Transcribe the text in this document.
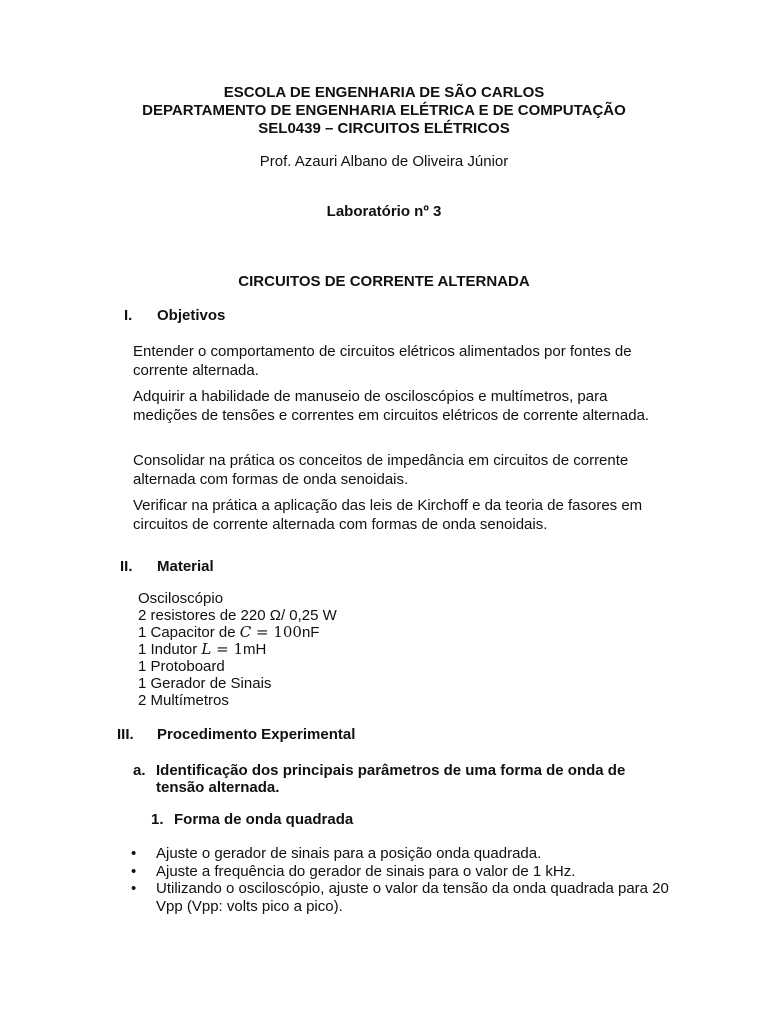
ESCOLA DE ENGENHARIA DE SÃO CARLOS
DEPARTAMENTO DE ENGENHARIA ELÉTRICA E DE COMPUTAÇÃO
SEL0439 – CIRCUITOS ELÉTRICOS
Prof. Azauri Albano de Oliveira Júnior
Laboratório nº 3
CIRCUITOS DE CORRENTE ALTERNADA
I. Objetivos
Entender o comportamento de circuitos elétricos alimentados por fontes de corrente alternada.
Adquirir a habilidade de manuseio de osciloscópios e multímetros, para medições de tensões e correntes em circuitos elétricos de corrente alternada.
Consolidar na prática os conceitos de impedância em circuitos de corrente alternada com formas de onda senoidais.
Verificar na prática a aplicação das leis de Kirchoff e da teoria de fasores em circuitos de corrente alternada com formas de onda senoidais.
II. Material
Osciloscópio
2 resistores de 220 Ω/ 0,25 W
1 Capacitor de C = 100nF
1 Indutor L = 1mH
1 Protoboard
1 Gerador de Sinais
2 Multímetros
III. Procedimento Experimental
a. Identificação dos principais parâmetros de uma forma de onda de
tensão alternada.
1. Forma de onda quadrada
• Ajuste o gerador de sinais para a posição onda quadrada.
• Ajuste a frequência do gerador de sinais para o valor de 1 kHz.
• Utilizando o osciloscópio, ajuste o valor da tensão da onda quadrada para 20 Vpp (Vpp: volts pico a pico).
